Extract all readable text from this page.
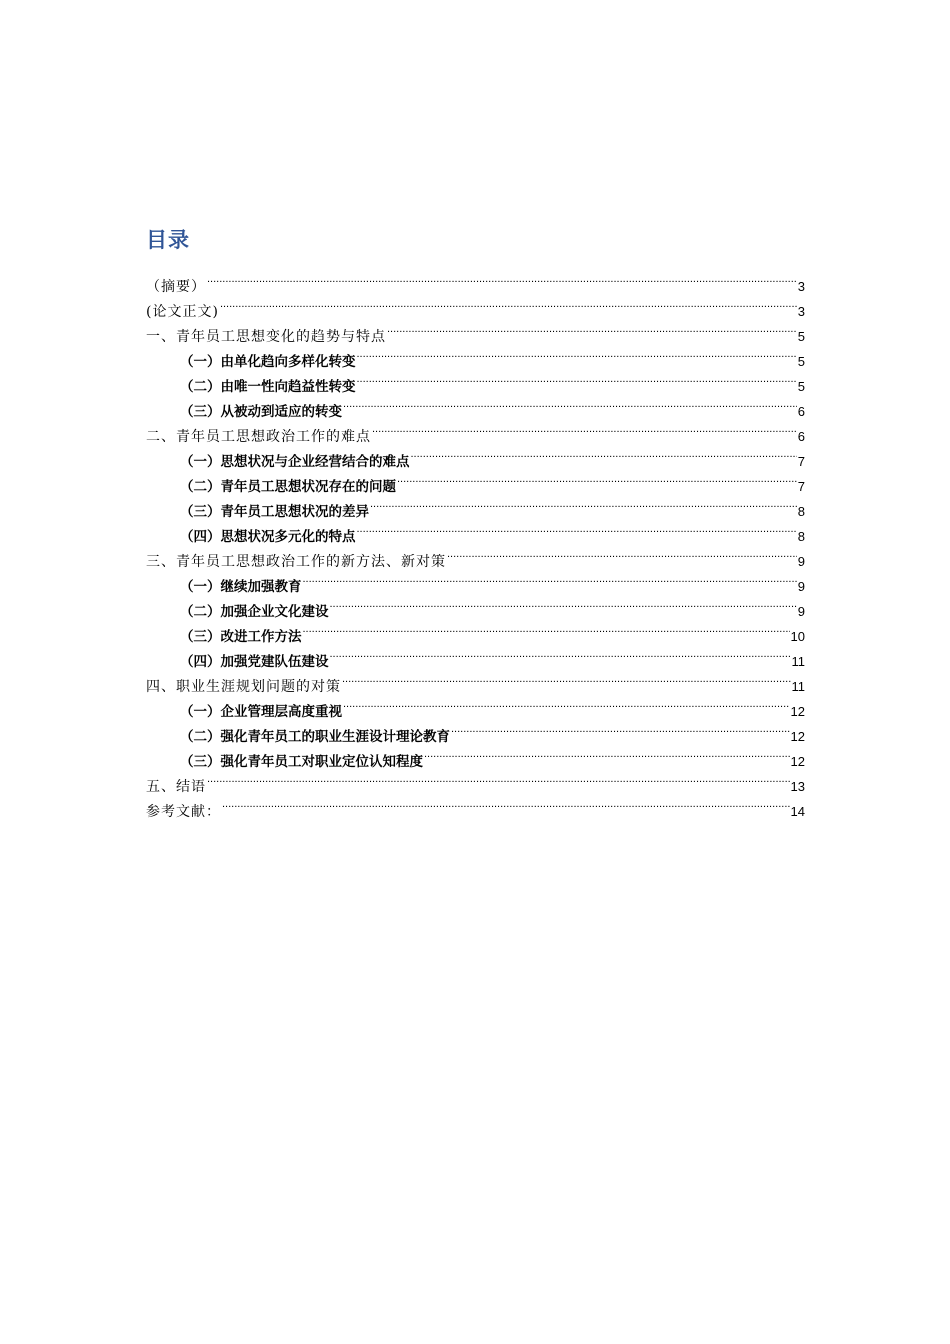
目录
（摘要） .....	3
(论文正文) .....	3
一、青年员工思想变化的趋势与特点 .....	5
（一）由单化趋向多样化转变 .....	5
（二）由唯一性向趋益性转变 .....	5
（三）从被动到适应的转变 .....	6
二、青年员工思想政治工作的难点 .....	6
（一）思想状况与企业经营结合的难点 .....	7
（二）青年员工思想状况存在的问题 .....	7
（三）青年员工思想状况的差异 .....	8
（四）思想状况多元化的特点 .....	8
三、青年员工思想政治工作的新方法、新对策 .....	9
（一）继续加强教育 .....	9
（二）加强企业文化建设 .....	9
（三）改进工作方法 .....	10
（四）加强党建队伍建设 .....	11
四、职业生涯规划问题的对策 .....	11
（一）企业管理层高度重视 .....	12
（二）强化青年员工的职业生涯设计理论教育 .....	12
（三）强化青年员工对职业定位认知程度 .....	12
五、结语 .....	13
参考文献： .....	14
